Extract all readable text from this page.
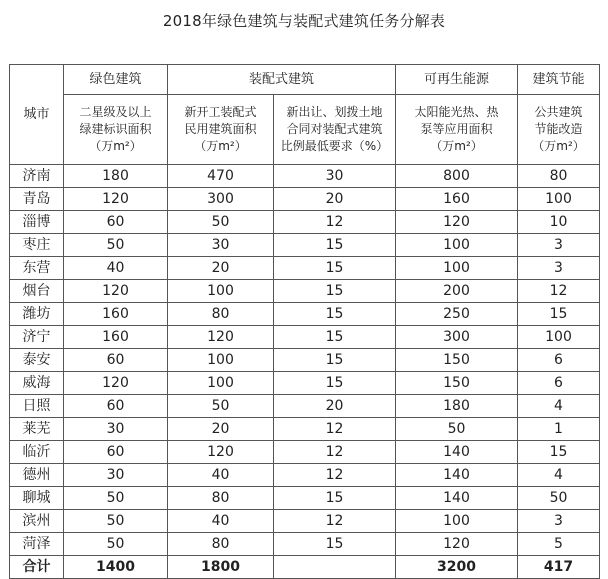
2018年绿色建筑与装配式建筑任务分解表
城市	绿色建筑	装配式建筑		可再生能源	建筑节能

	二星级及以上
绿建标识面积
（万m²）	新开工装配式
民用建筑面积
（万m²）	新出让、划拨土地
合同对装配式建筑
比例最低要求（%）	太阳能光热、热
泵等应用面积
（万m²）	公共建筑
节能改造
（万m²）

济南	180	470	30	800	80
青岛	120	300	20	160	100
淄博	60	50	12	120	10
枣庄	50	30	15	100	3
东营	40	20	15	100	3
烟台	120	100	15	200	12
潍坊	160	80	15	250	15
济宁	160	120	15	300	100
泰安	60	100	15	150	6
威海	120	100	15	150	6
日照	60	50	20	180	4
莱芜	30	20	12	50	1
临沂	60	120	12	140	15
德州	30	40	12	140	4
聊城	50	80	15	140	50
滨州	50	40	12	100	3
菏泽	50	80	15	120	5
合计	1400	1800		3200	417
